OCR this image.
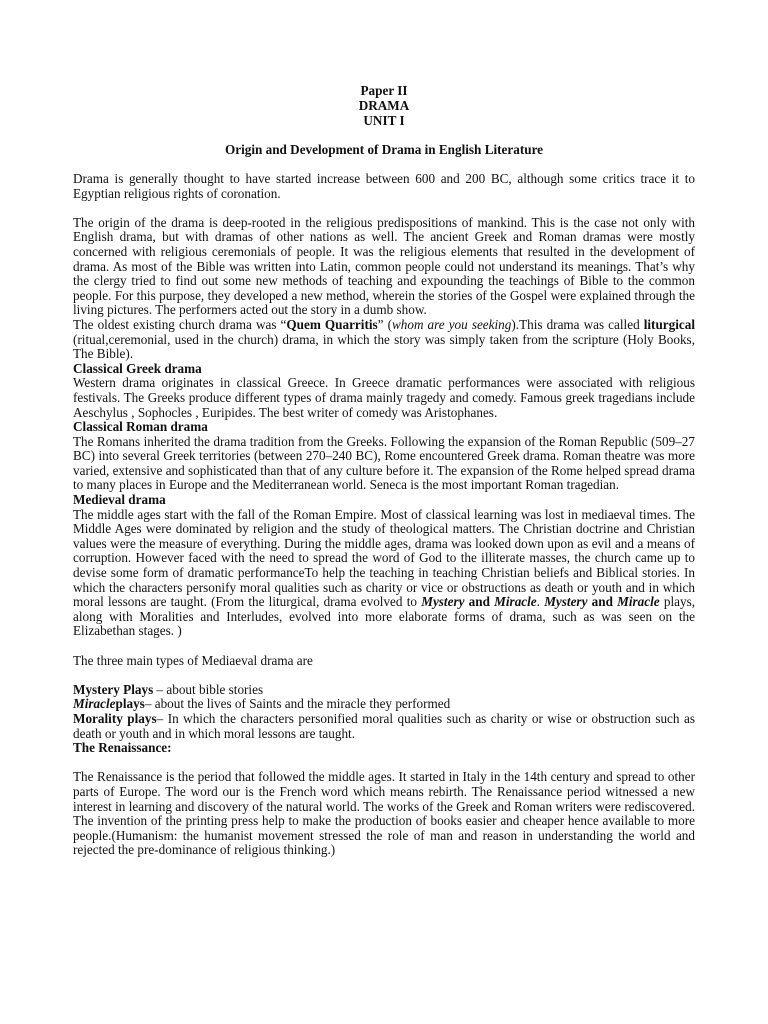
Paper II
DRAMA
UNIT I
Origin and Development of Drama in English Literature

Drama is generally thought to have started increase between 600 and 200 BC, although some critics trace it to Egyptian religious rights of coronation.

The origin of the drama is deep-rooted in the religious predispositions of mankind. This is the case not only with English drama, but with dramas of other nations as well. The ancient Greek and Roman dramas were mostly concerned with religious ceremonials of people. It was the religious elements that resulted in the development of drama. As most of the Bible was written into Latin, common people could not understand its meanings. That’s why the clergy tried to find out some new methods of teaching and expounding the teachings of Bible to the common people. For this purpose, they developed a new method, wherein the stories of the Gospel were explained through the living pictures. The performers acted out the story in a dumb show.

The oldest existing church drama was “Quem Quarritis” (whom are you seeking).This drama was called liturgical (ritual,ceremonial, used in the church) drama, in which the story was simply taken from the scripture (Holy Books, The Bible).

Classical Greek drama

Western drama originates in classical Greece. In Greece dramatic performances were associated with religious festivals. The Greeks produce different types of drama mainly tragedy and comedy. Famous greek tragedians include Aeschylus , Sophocles , Euripides. The best writer of comedy was Aristophanes.

Classical Roman drama

The Romans inherited the drama tradition from the Greeks. Following the expansion of the Roman Republic (509–27 BC) into several Greek territories (between 270–240 BC), Rome encountered Greek drama. Roman theatre was more varied, extensive and sophisticated than that of any culture before it. The expansion of the Rome helped spread drama to many places in Europe and the Mediterranean world. Seneca is the most important Roman tragedian.

Medieval drama

The middle ages start with the fall of the Roman Empire. Most of classical learning was lost in mediaeval times. The Middle Ages were dominated by religion and the study of theological matters. The Christian doctrine and Christian values were the measure of everything. During the middle ages, drama was looked down upon as evil and a means of corruption. However faced with the need to spread the word of God to the illiterate masses, the church came up to devise some form of dramatic performanceTo help the teaching in teaching Christian beliefs and Biblical stories. In which the characters personify moral qualities such as charity or vice or obstructions as death or youth and in which moral lessons are taught. (From the liturgical, drama evolved to Mystery and Miracle. Mystery and Miracle plays, along with Moralities and Interludes, evolved into more elaborate forms of drama, such as was seen on the Elizabethan stages. )

The three main types of Mediaeval drama are

Mystery Plays – about bible stories

Miracleplays– about the lives of Saints and the miracle they performed

Morality plays– In which the characters personified moral qualities such as charity or wise or obstruction such as death or youth and in which moral lessons are taught.

The Renaissance:

The Renaissance is the period that followed the middle ages. It started in Italy in the 14th century and spread to other parts of Europe. The word our is the French word which means rebirth. The Renaissance period witnessed a new interest in learning and discovery of the natural world. The works of the Greek and Roman writers were rediscovered. The invention of the printing press help to make the production of books easier and cheaper hence available to more people.(Humanism: the humanist movement stressed the role of man and reason in understanding the world and rejected the pre-dominance of religious thinking.)
